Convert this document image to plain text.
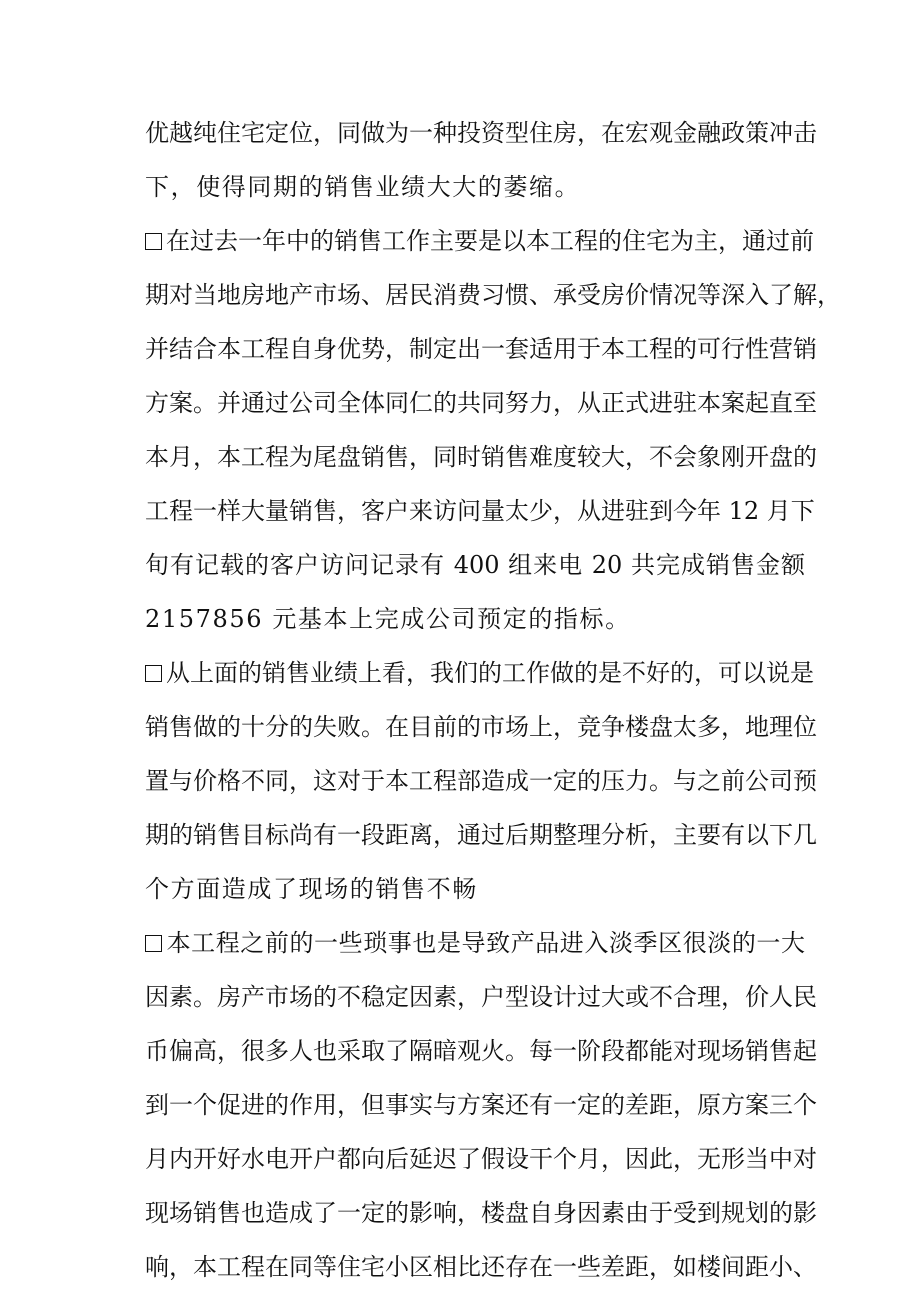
优越纯住宅定位，同做为一种投资型住房，在宏观金融政策冲击
下，使得同期的销售业绩大大的萎缩。
在过去一年中的销售工作主要是以本工程的住宅为主，通过前
期对当地房地产市场、居民消费习惯、承受房价情况等深入了解，
并结合本工程自身优势，制定出一套适用于本工程的可行性营销
方案。并通过公司全体同仁的共同努力，从正式进驻本案起直至
本月，本工程为尾盘销售，同时销售难度较大，不会象刚开盘的
工程一样大量销售，客户来访问量太少，从进驻到今年 12 月下
旬有记载的客户访问记录有 400 组来电 20 共完成销售金额
2157856 元基本上完成公司预定的指标。
从上面的销售业绩上看，我们的工作做的是不好的，可以说是
销售做的十分的失败。在目前的市场上，竞争楼盘太多，地理位
置与价格不同，这对于本工程部造成一定的压力。与之前公司预
期的销售目标尚有一段距离，通过后期整理分析，主要有以下几
个方面造成了现场的销售不畅
本工程之前的一些琐事也是导致产品进入淡季区很淡的一大
因素。房产市场的不稳定因素，户型设计过大或不合理，价人民
币偏高，很多人也采取了隔暗观火。每一阶段都能对现场销售起
到一个促进的作用，但事实与方案还有一定的差距，原方案三个
月内开好水电开户都向后延迟了假设干个月，因此，无形当中对
现场销售也造成了一定的影响，楼盘自身因素由于受到规划的影
响，本工程在同等住宅小区相比还存在一些差距，如楼间距小、
